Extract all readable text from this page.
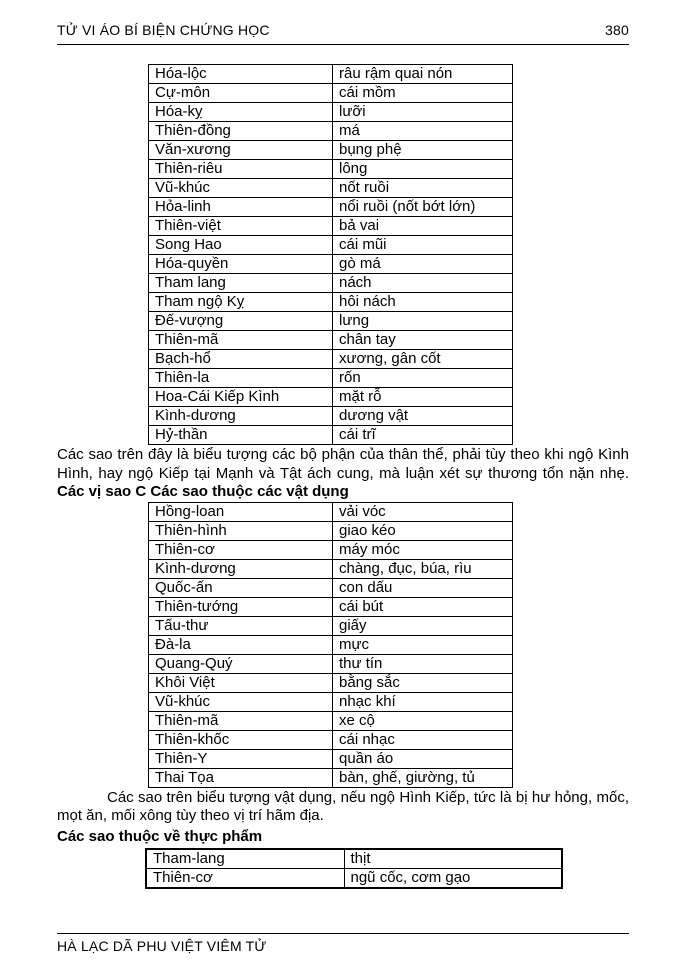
TỬ VI ÁO BÍ BIỆN CHỨNG HỌC	380
Hóa-lộc	râu rậm quai nón
Cự-môn	cái mồm
Hóa-kỵ	lưỡi
Thiên-đồng	má
Văn-xương	bụng phệ
Thiên-riêu	lông
Vũ-khúc	nốt ruồi
Hỏa-linh	nổi ruồi (nốt bớt lớn)
Thiên-việt	bả vai
Song Hao	cái mũi
Hóa-quyền	gò má
Tham lang	nách
Tham ngộ Kỵ	hôi nách
Đế-vượng	lưng
Thiên-mã	chân tay
Bạch-hổ	xương, gân cốt
Thiên-la	rốn
Hoa-Cái Kiếp Kình	mặt rỗ
Kình-dương	dương vật
Hỷ-thần	cái trĩ
Các sao trên đây là biểu tượng các bộ phận của thân thể, phải tùy theo khi ngộ Kình Hình, hay ngộ Kiếp tại Mạnh và Tật ách cung, mà luận xét sự thương tổn nặn nhẹ. Các vị sao C Các sao thuộc các vật dụng
Hồng-loan	vải vóc
Thiên-hình	giao kéo
Thiên-cơ	máy móc
Kình-dương	chàng, đục, búa, rìu
Quốc-ấn	con dấu
Thiên-tướng	cái bút
Tấu-thư	giấy
Đà-la	mực
Quang-Quý	thư tín
Khôi Việt	bằng sắc
Vũ-khúc	nhạc khí
Thiên-mã	xe cộ
Thiên-khốc	cái nhạc
Thiên-Y	quần áo
Thai Tọa	bàn, ghế, giường, tủ
Các sao trên biểu tượng vật dụng, nếu ngộ Hình Kiếp, tức là bị hư hỏng, mốc, mọt ăn, mối xông tùy theo vị trí hãm địa.
Các sao thuộc về thực phẩm
Tham-lang	thịt
Thiên-cơ	ngũ cốc, cơm gạo
HÀ LẠC DÃ PHU VIỆT VIÊM TỬ
